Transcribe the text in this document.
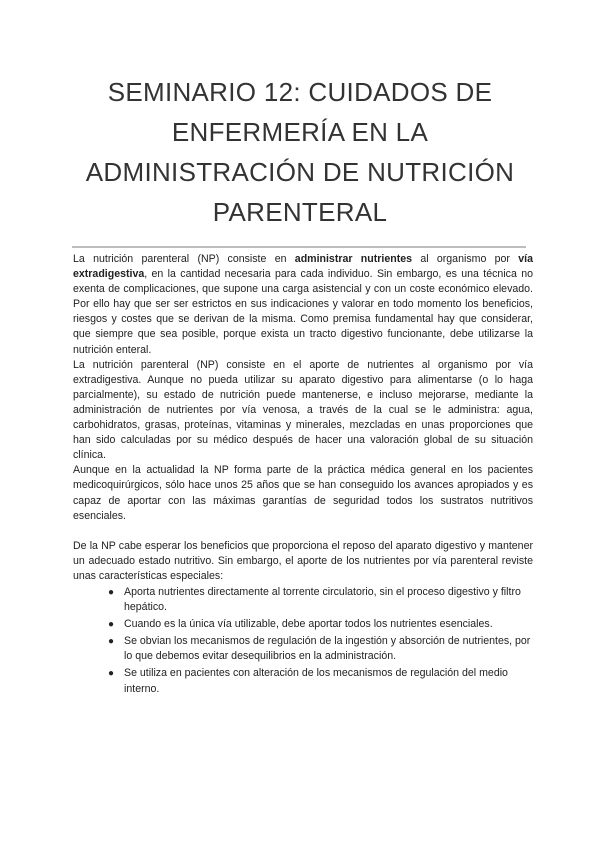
SEMINARIO 12: CUIDADOS DE
ENFERMERÍA EN LA
ADMINISTRACIÓN DE NUTRICIÓN
PARENTERAL

La nutrición parenteral (NP) consiste en administrar nutrientes al organismo por vía extradigestiva, en la cantidad necesaria para cada individuo. Sin embargo, es una técnica no exenta de complicaciones, que supone una carga asistencial y con un coste económico elevado. Por ello hay que ser ser estrictos en sus indicaciones y valorar en todo momento los beneficios, riesgos y costes que se derivan de la misma. Como premisa fundamental hay que considerar, que siempre que sea posible, porque exista un tracto digestivo funcionante, debe utilizarse la nutrición enteral.

La nutrición parenteral (NP) consiste en el aporte de nutrientes al organismo por vía extradigestiva. Aunque no pueda utilizar su aparato digestivo para alimentarse (o lo haga parcialmente), su estado de nutrición puede mantenerse, e incluso mejorarse, mediante la administración de nutrientes por vía venosa, a través de la cual se le administra: agua, carbohidratos, grasas, proteínas, vitaminas y minerales, mezcladas en unas proporciones que han sido calculadas por su médico después de hacer una valoración global de su situación clínica.

Aunque en la actualidad la NP forma parte de la práctica médica general en los pacientes medicoquirúrgicos, sólo hace unos 25 años que se han conseguido los avances apropiados y es capaz de aportar con las máximas garantías de seguridad todos los sustratos nutritivos esenciales.

De la NP cabe esperar los beneficios que proporciona el reposo del aparato digestivo y mantener un adecuado estado nutritivo. Sin embargo, el aporte de los nutrientes por vía parenteral reviste unas características especiales:

● Aporta nutrientes directamente al torrente circulatorio, sin el proceso digestivo y filtro hepático.
● Cuando es la única vía utilizable, debe aportar todos los nutrientes esenciales.
● Se obvian los mecanismos de regulación de la ingestión y absorción de nutrientes, por lo que debemos evitar desequilibrios en la administración.
● Se utiliza en pacientes con alteración de los mecanismos de regulación del medio interno.
